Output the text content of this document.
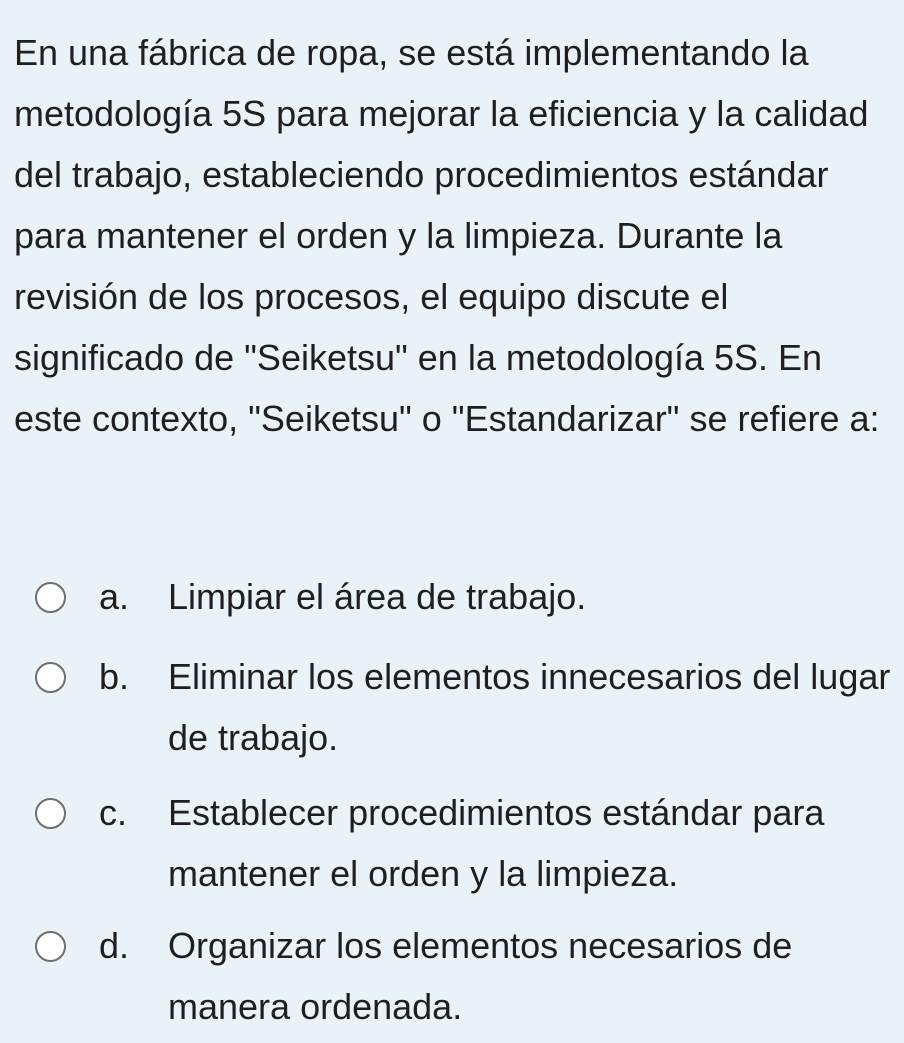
En una fábrica de ropa, se está implementando la metodología 5S para mejorar la eficiencia y la calidad del trabajo, estableciendo procedimientos estándar para mantener el orden y la limpieza. Durante la revisión de los procesos, el equipo discute el significado de "Seiketsu" en la metodología 5S. En este contexto, "Seiketsu" o "Estandarizar" se refiere a:

a. Limpiar el área de trabajo.
b. Eliminar los elementos innecesarios del lugar de trabajo.
c. Establecer procedimientos estándar para mantener el orden y la limpieza.
d. Organizar los elementos necesarios de manera ordenada.
